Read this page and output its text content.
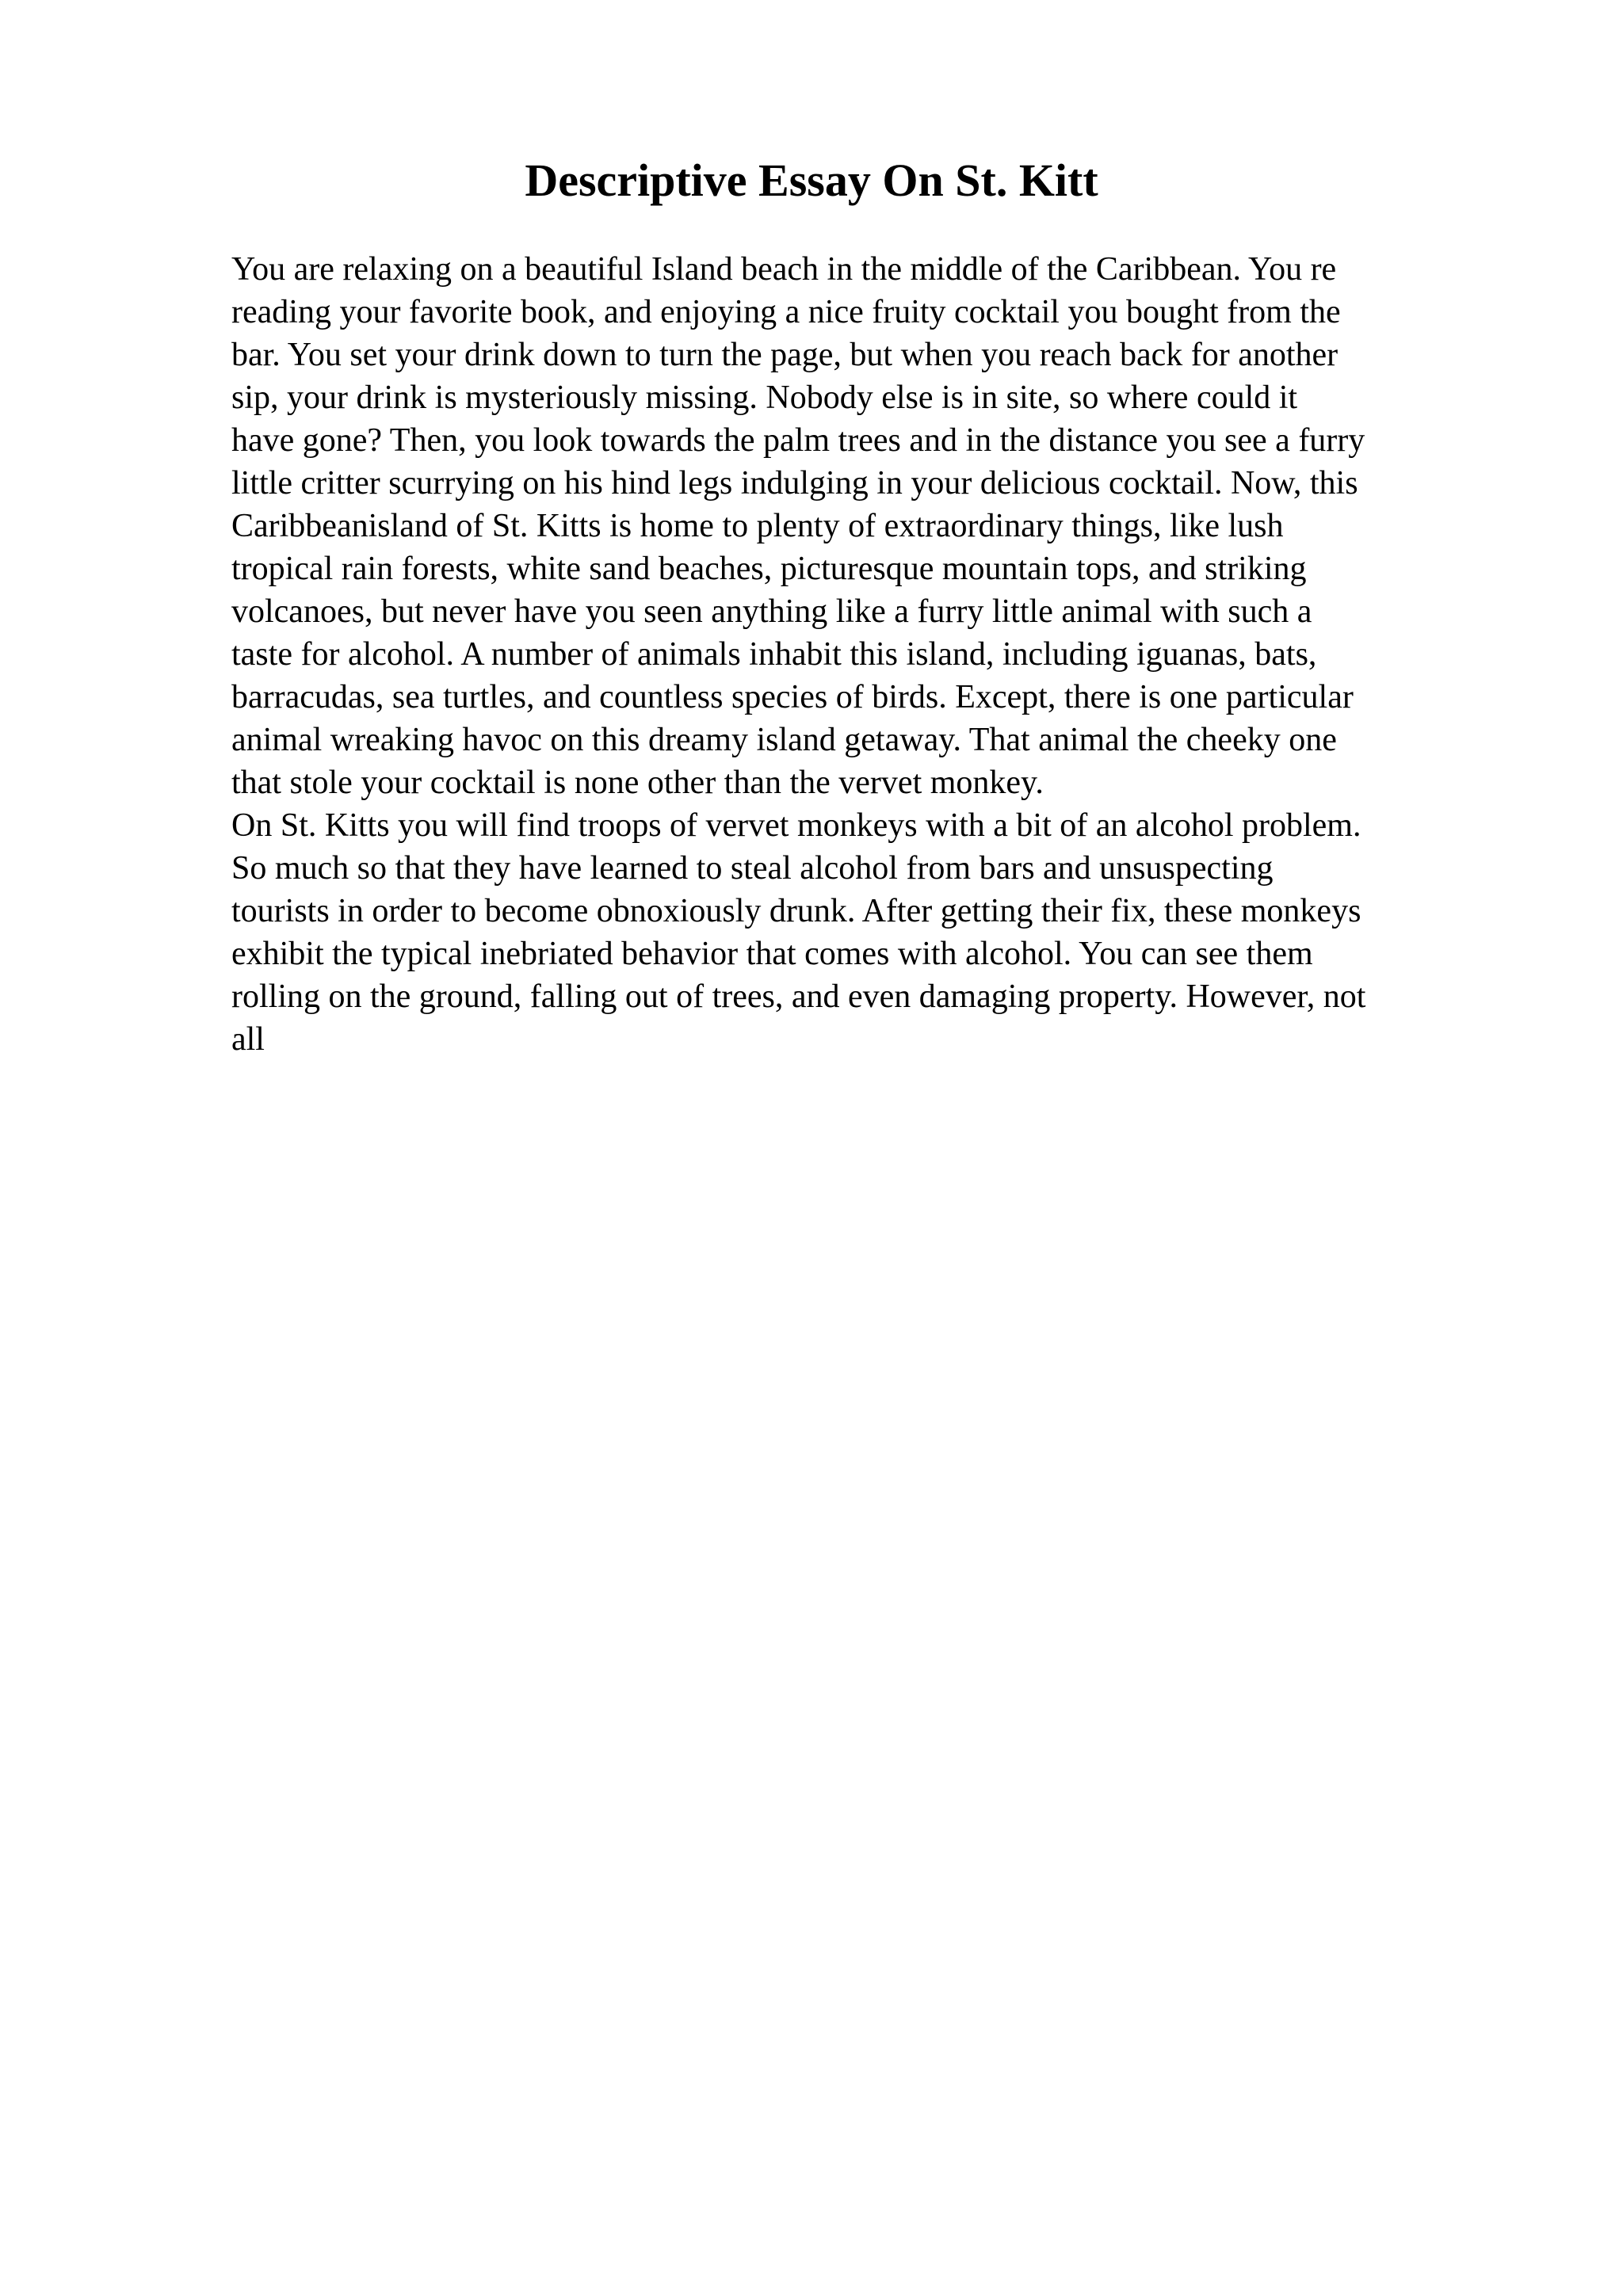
Descriptive Essay On St. Kitt
You are relaxing on a beautiful Island beach in the middle of the Caribbean. You re
reading your favorite book, and enjoying a nice fruity cocktail you bought from the
bar. You set your drink down to turn the page, but when you reach back for another
sip, your drink is mysteriously missing. Nobody else is in site, so where could it
have gone? Then, you look towards the palm trees and in the distance you see a furry
little critter scurrying on his hind legs indulging in your delicious cocktail. Now, this
Caribbeanisland of St. Kitts is home to plenty of extraordinary things, like lush
tropical rain forests, white sand beaches, picturesque mountain tops, and striking
volcanoes, but never have you seen anything like a furry little animal with such a
taste for alcohol. A number of animals inhabit this island, including iguanas, bats,
barracudas, sea turtles, and countless species of birds. Except, there is one particular
animal wreaking havoc on this dreamy island getaway. That animal the cheeky one
that stole your cocktail is none other than the vervet monkey.
On St. Kitts you will find troops of vervet monkeys with a bit of an alcohol problem.
So much so that they have learned to steal alcohol from bars and unsuspecting
tourists in order to become obnoxiously drunk. After getting their fix, these monkeys
exhibit the typical inebriated behavior that comes with alcohol. You can see them
rolling on the ground, falling out of trees, and even damaging property. However, not
all
